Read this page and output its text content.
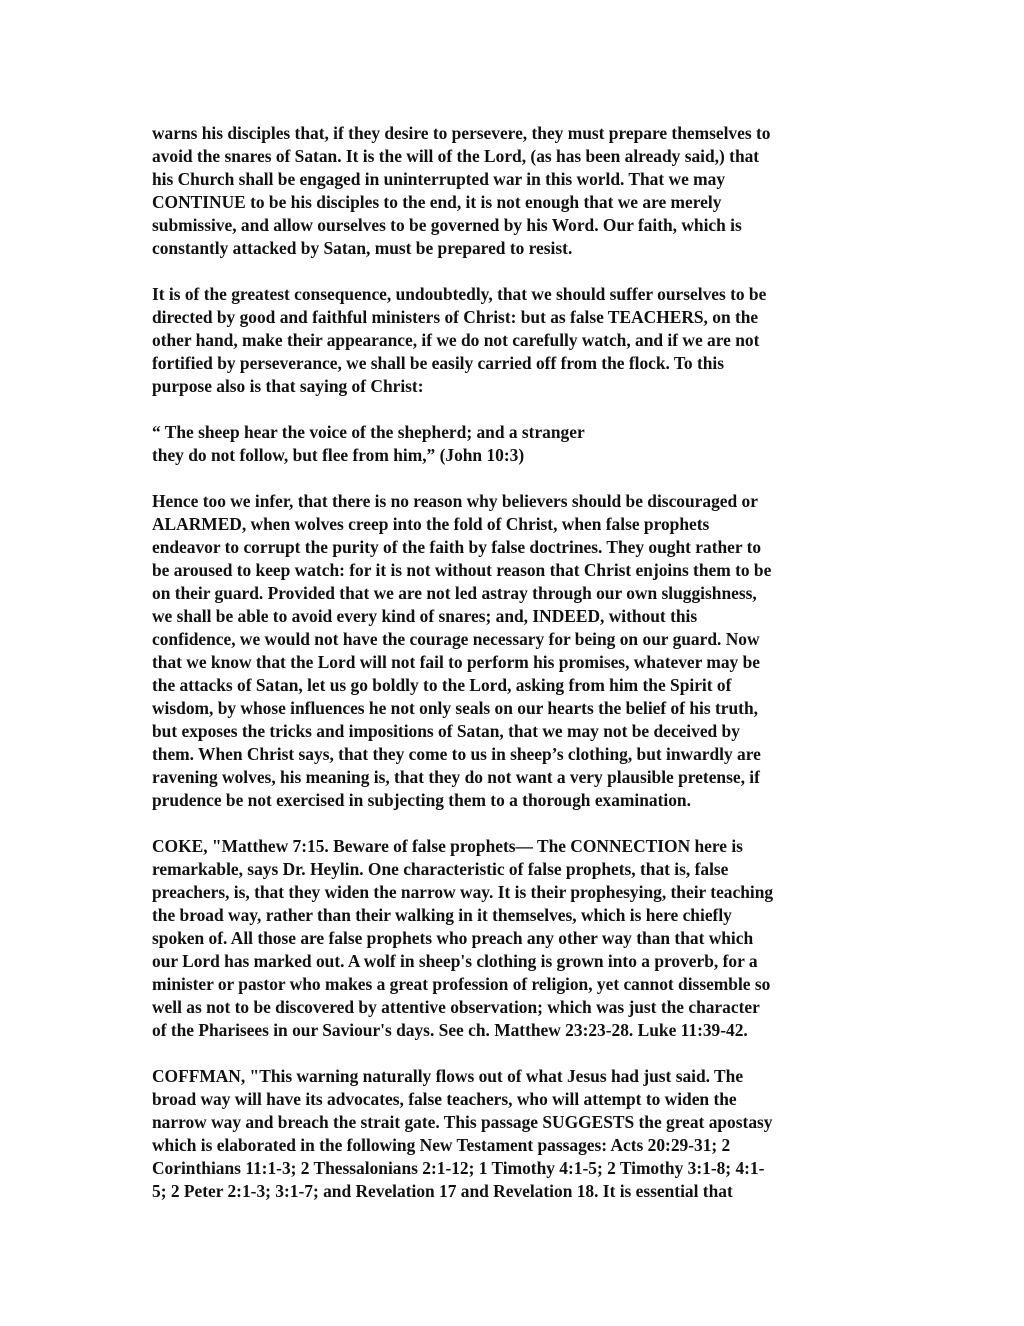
warns his disciples that, if they desire to persevere, they must prepare themselves to
avoid the snares of Satan. It is the will of the Lord, (as has been already said,) that
his Church shall be engaged in uninterrupted war in this world. That we may
CONTINUE to be his disciples to the end, it is not enough that we are merely
submissive, and allow ourselves to be governed by his Word. Our faith, which is
constantly attacked by Satan, must be prepared to resist.
It is of the greatest consequence, undoubtedly, that we should suffer ourselves to be
directed by good and faithful ministers of Christ: but as false TEACHERS, on the
other hand, make their appearance, if we do not carefully watch, and if we are not
fortified by perseverance, we shall be easily carried off from the flock. To this
purpose also is that saying of Christ:
“ The sheep hear the voice of the shepherd; and a stranger
they do not follow, but flee from him,” (John 10:3)
Hence too we infer, that there is no reason why believers should be discouraged or
ALARMED, when wolves creep into the fold of Christ, when false prophets
endeavor to corrupt the purity of the faith by false doctrines. They ought rather to
be aroused to keep watch: for it is not without reason that Christ enjoins them to be
on their guard. Provided that we are not led astray through our own sluggishness,
we shall be able to avoid every kind of snares; and, INDEED, without this
confidence, we would not have the courage necessary for being on our guard. Now
that we know that the Lord will not fail to perform his promises, whatever may be
the attacks of Satan, let us go boldly to the Lord, asking from him the Spirit of
wisdom, by whose influences he not only seals on our hearts the belief of his truth,
but exposes the tricks and impositions of Satan, that we may not be deceived by
them. When Christ says, that they come to us in sheep’s clothing, but inwardly are
ravening wolves, his meaning is, that they do not want a very plausible pretense, if
prudence be not exercised in subjecting them to a thorough examination.
COKE, "Matthew 7:15. Beware of false prophets— The CONNECTION here is
remarkable, says Dr. Heylin. One characteristic of false prophets, that is, false
preachers, is, that they widen the narrow way. It is their prophesying, their teaching
the broad way, rather than their walking in it themselves, which is here chiefly
spoken of. All those are false prophets who preach any other way than that which
our Lord has marked out. A wolf in sheep's clothing is grown into a proverb, for a
minister or pastor who makes a great profession of religion, yet cannot dissemble so
well as not to be discovered by attentive observation; which was just the character
of the Pharisees in our Saviour's days. See ch. Matthew 23:23-28. Luke 11:39-42.
COFFMAN, "This warning naturally flows out of what Jesus had just said. The
broad way will have its advocates, false teachers, who will attempt to widen the
narrow way and breach the strait gate. This passage SUGGESTS the great apostasy
which is elaborated in the following New Testament passages: Acts 20:29-31; 2
Corinthians 11:1-3; 2 Thessalonians 2:1-12; 1 Timothy 4:1-5; 2 Timothy 3:1-8; 4:1-
5; 2 Peter 2:1-3; 3:1-7; and Revelation 17 and Revelation 18. It is essential that
